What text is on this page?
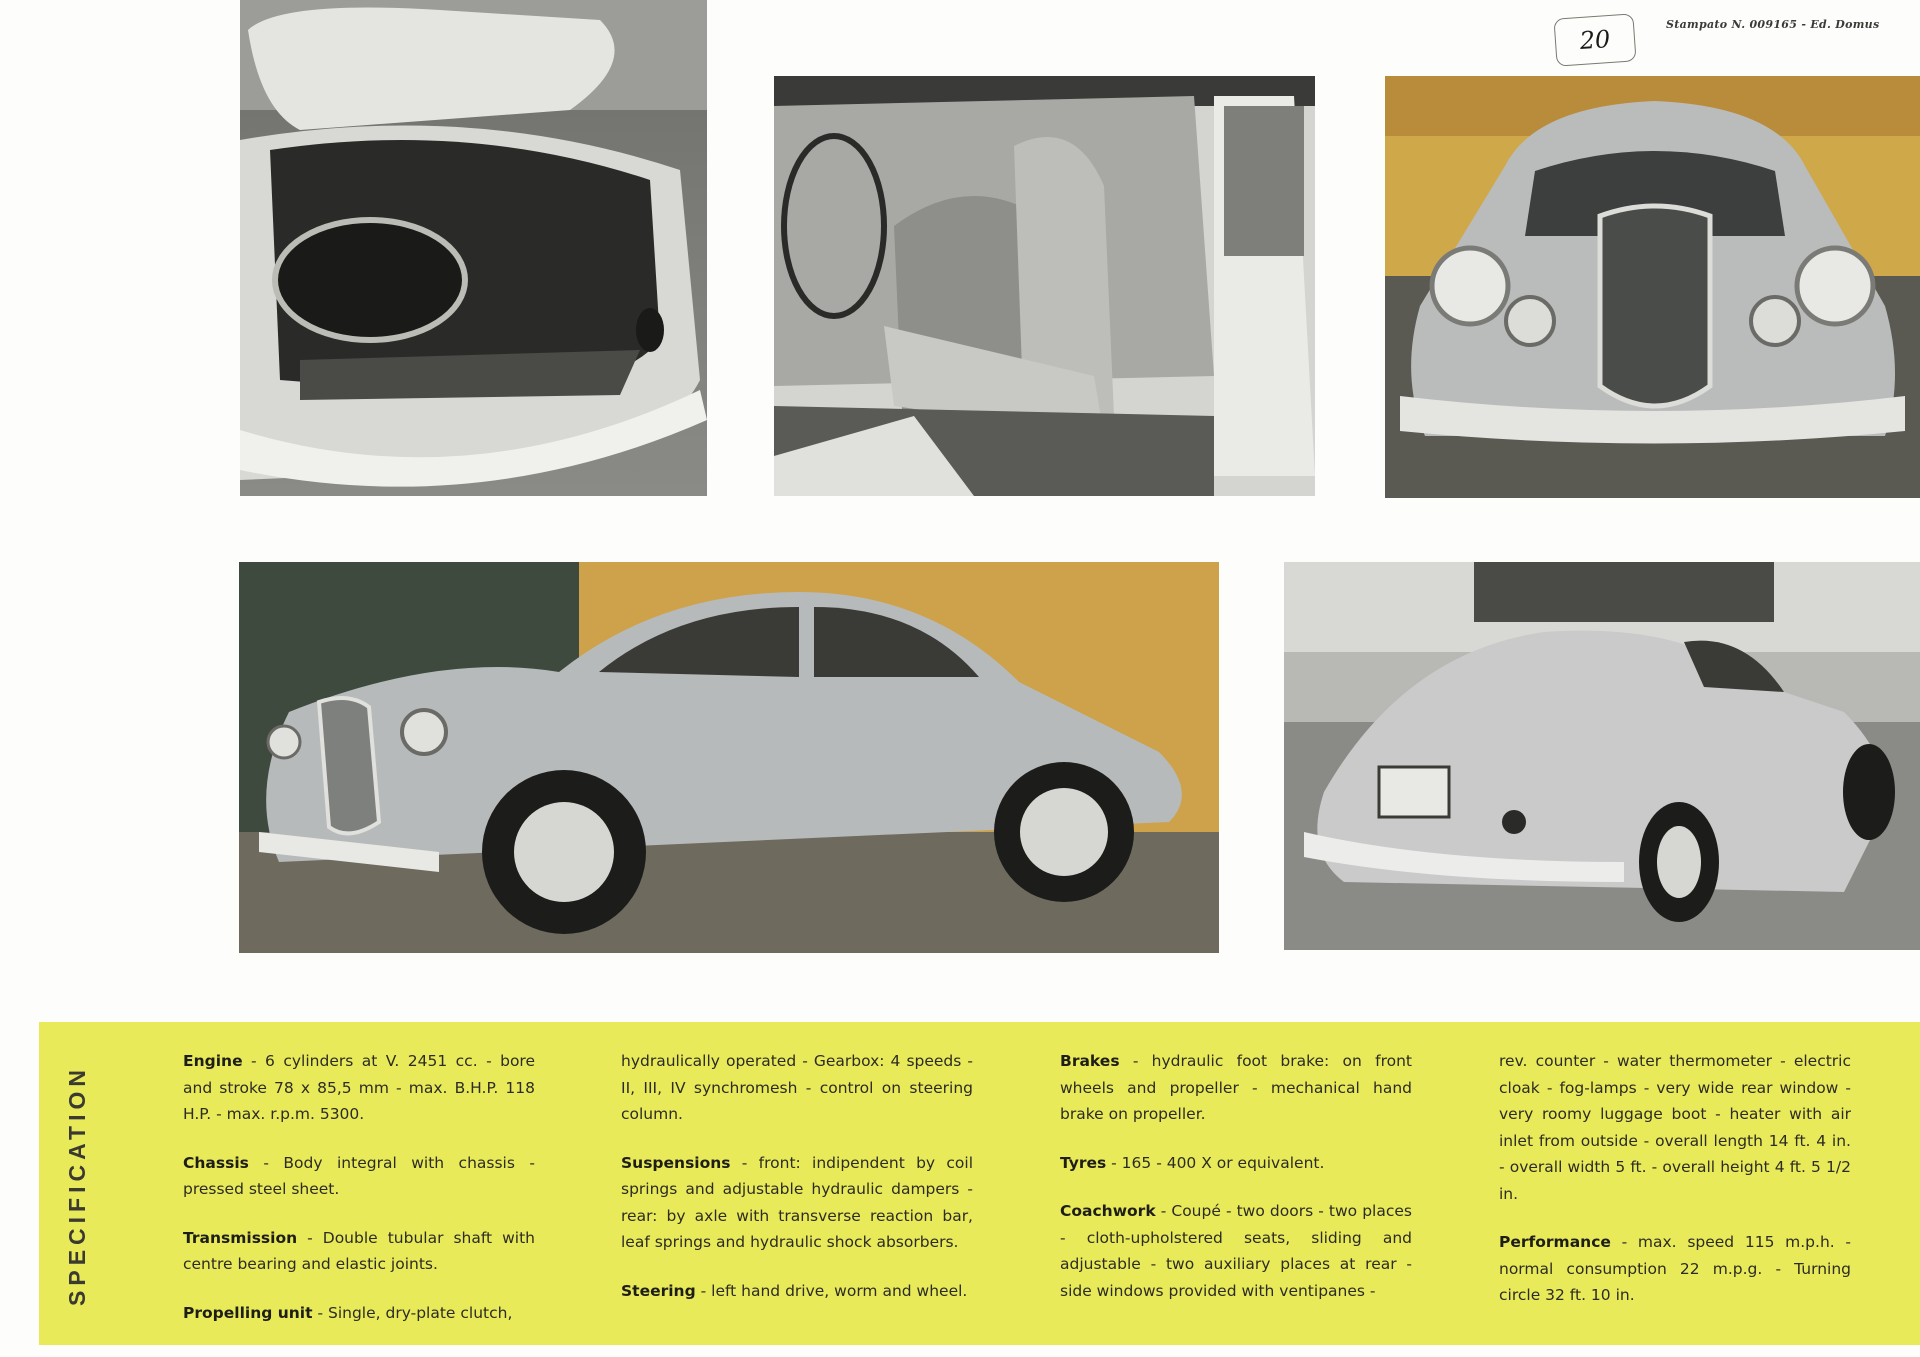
20
Stampato N. 009165 - Ed. Domus
SPECIFICATION

Engine - 6 cylinders at V. 2451 cc. - bore and stroke 78 x 85,5 mm - max. B.H.P. 118 H.P. - max. r.p.m. 5300.

Chassis - Body integral with chassis - pressed steel sheet.

Transmission - Double tubular shaft with centre bearing and elastic joints.

Propelling unit - Single, dry-plate clutch,

hydraulically operated - Gearbox: 4 speeds - II, III, IV synchromesh - control on steering column.

Suspensions - front: indipendent by coil springs and adjustable hydraulic dampers - rear: by axle with transverse reaction bar, leaf springs and hydraulic shock absorbers.

Steering - left hand drive, worm and wheel.

Brakes - hydraulic foot brake: on front wheels and propeller - mechanical hand brake on propeller.

Tyres - 165 - 400 X or equivalent.

Coachwork - Coupé - two doors - two places - cloth-upholstered seats, sliding and adjustable - two auxiliary places at rear - side windows provided with ventipanes -

rev. counter - water thermometer - electric cloak - fog-lamps - very wide rear window - very roomy luggage boot - heater with air inlet from outside - overall length 14 ft. 4 in. - overall width 5 ft. - overall height 4 ft. 5 1/2 in.

Performance - max. speed 115 m.p.h. - normal consumption 22 m.p.g. - Turning circle 32 ft. 10 in.
